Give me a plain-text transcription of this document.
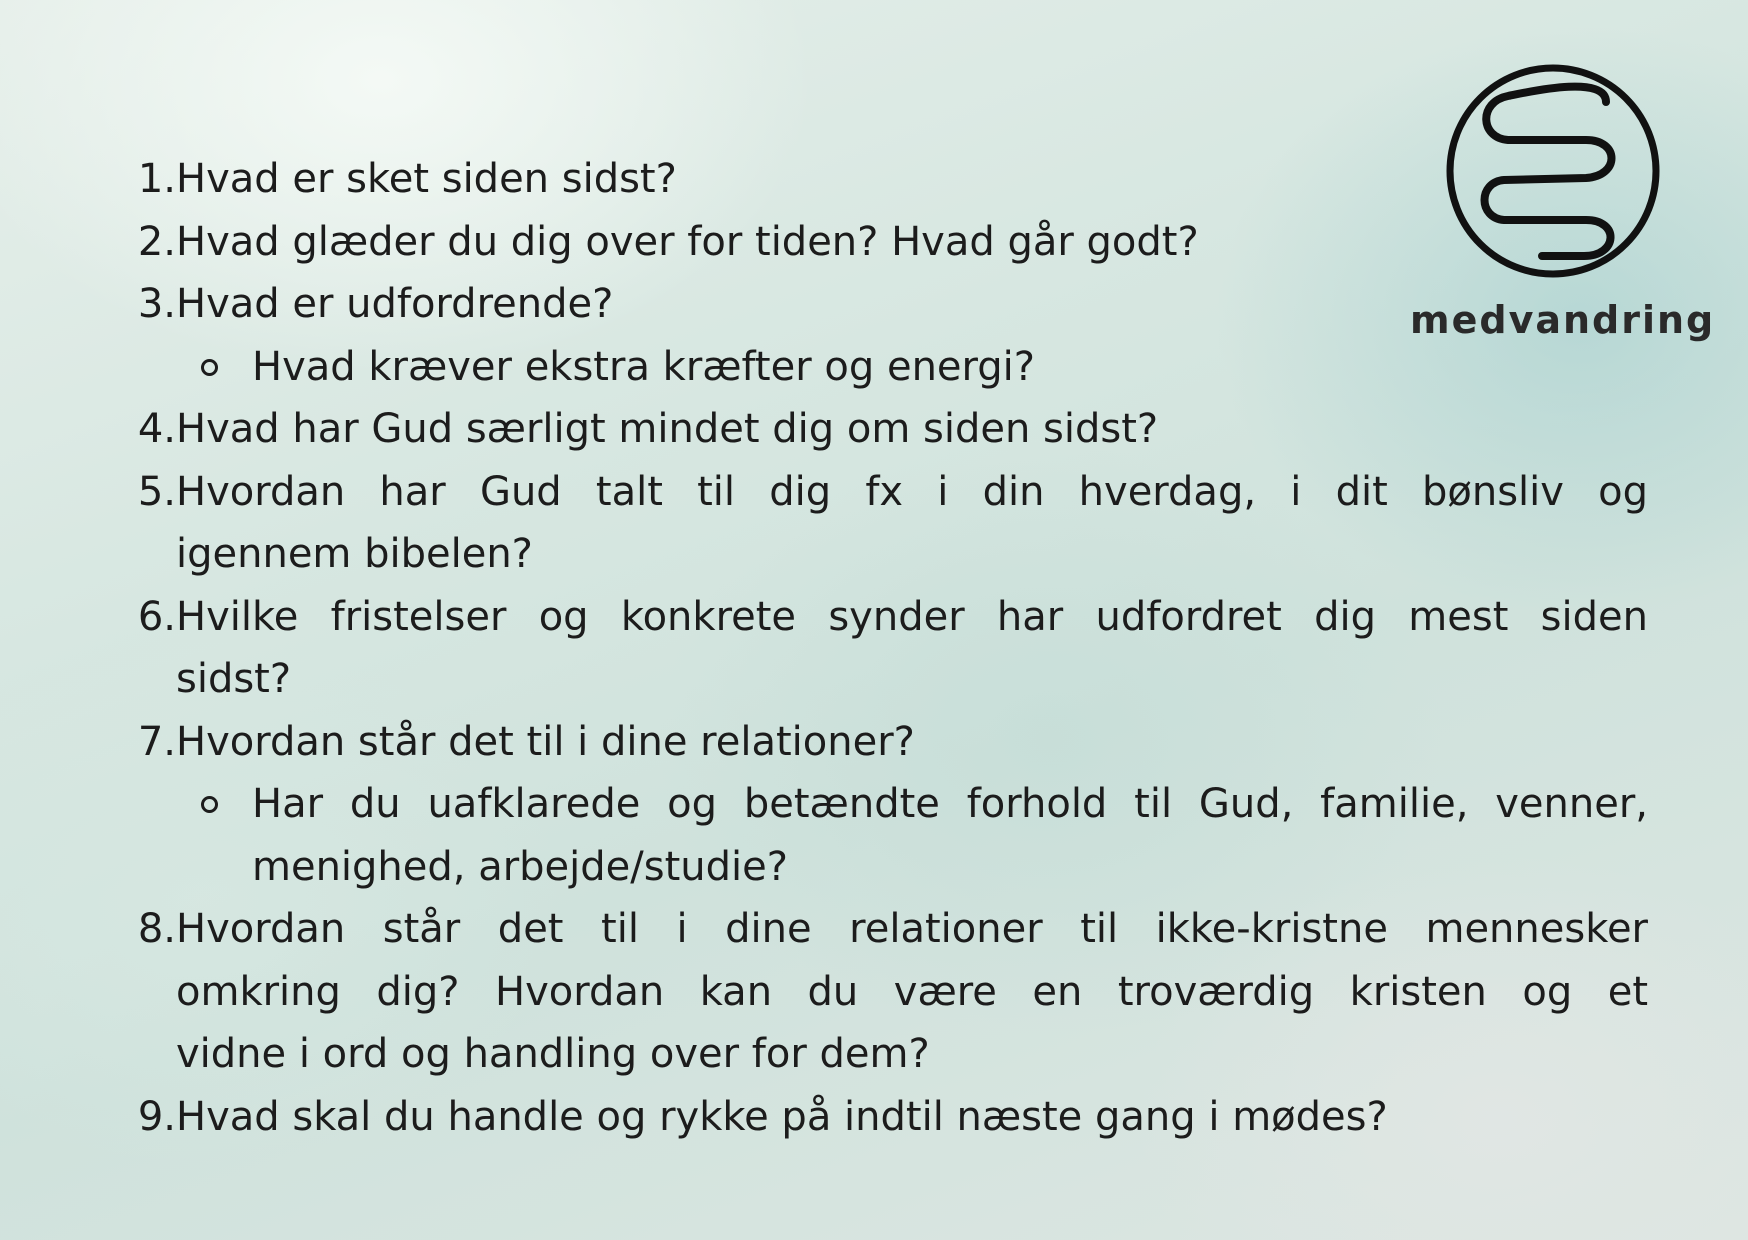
medvandring
1. Hvad er sket siden sidst?
2. Hvad glæder du dig over for tiden? Hvad går godt?
3. Hvad er udfordrende?
Hvad kræver ekstra kræfter og energi?
4. Hvad har Gud særligt mindet dig om siden sidst?
5. Hvordan har Gud talt til dig fx i din hverdag, i dit bønsliv og
igennem bibelen?
6. Hvilke fristelser og konkrete synder har udfordret dig mest siden
sidst?
7. Hvordan står det til i dine relationer?
Har du uafklarede og betændte forhold til Gud, familie, venner,
menighed, arbejde/studie?
8. Hvordan står det til i dine relationer til ikke-kristne mennesker
omkring dig? Hvordan kan du være en troværdig kristen og et
vidne i ord og handling over for dem?
9. Hvad skal du handle og rykke på indtil næste gang i mødes?
